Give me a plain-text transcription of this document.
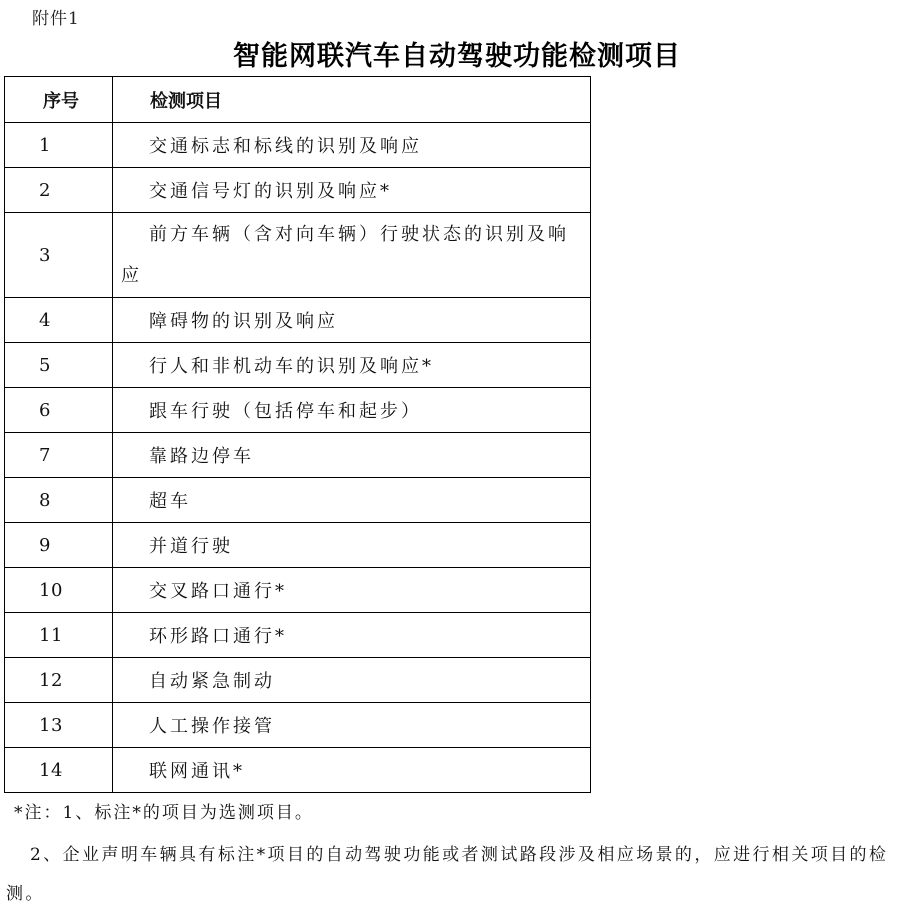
附件1
智能网联汽车自动驾驶功能检测项目
序号	检测项目
1	交通标志和标线的识别及响应
2	交通信号灯的识别及响应*
3	前方车辆（含对向车辆）行驶状态的识别及响应
4	障碍物的识别及响应
5	行人和非机动车的识别及响应*
6	跟车行驶（包括停车和起步）
7	靠路边停车
8	超车
9	并道行驶
10	交叉路口通行*
11	环形路口通行*
12	自动紧急制动
13	人工操作接管
14	联网通讯*
*注：1、标注*的项目为选测项目。
2、企业声明车辆具有标注*项目的自动驾驶功能或者测试路段涉及相应场景的，应进行相关项目的检测。
